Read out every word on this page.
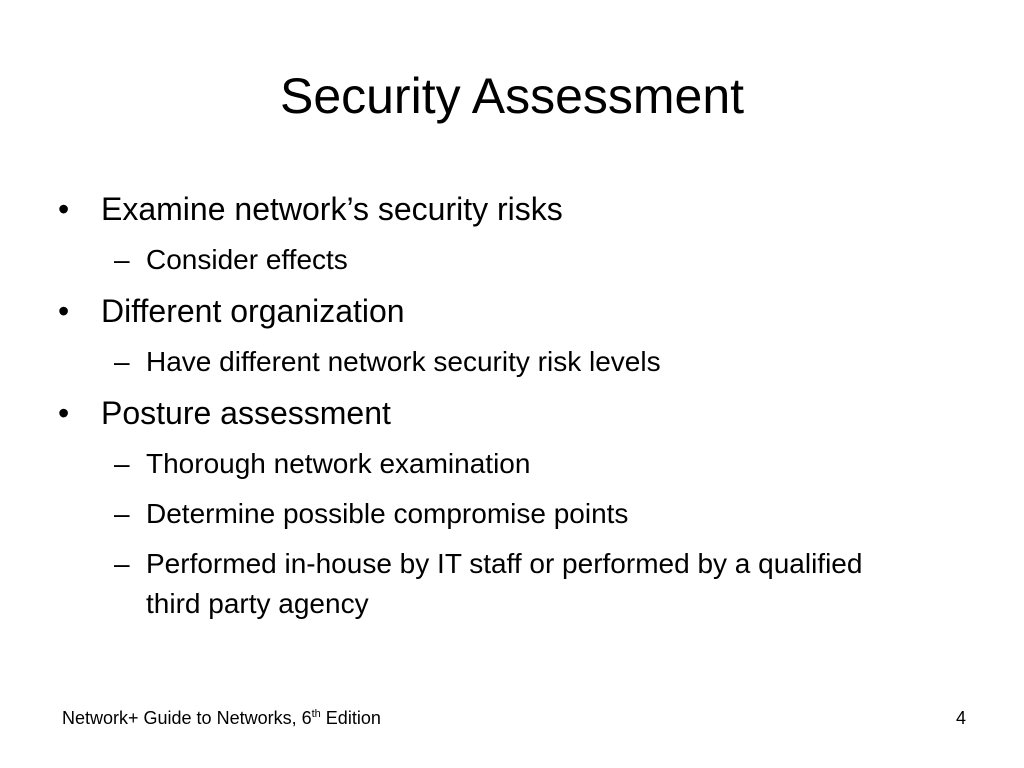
Security Assessment
• Examine network’s security risks
– Consider effects
• Different organization
– Have different network security risk levels
• Posture assessment
– Thorough network examination
– Determine possible compromise points
– Performed in-house by IT staff or performed by a qualified third party agency
Network+ Guide to Networks, 6th Edition	4
